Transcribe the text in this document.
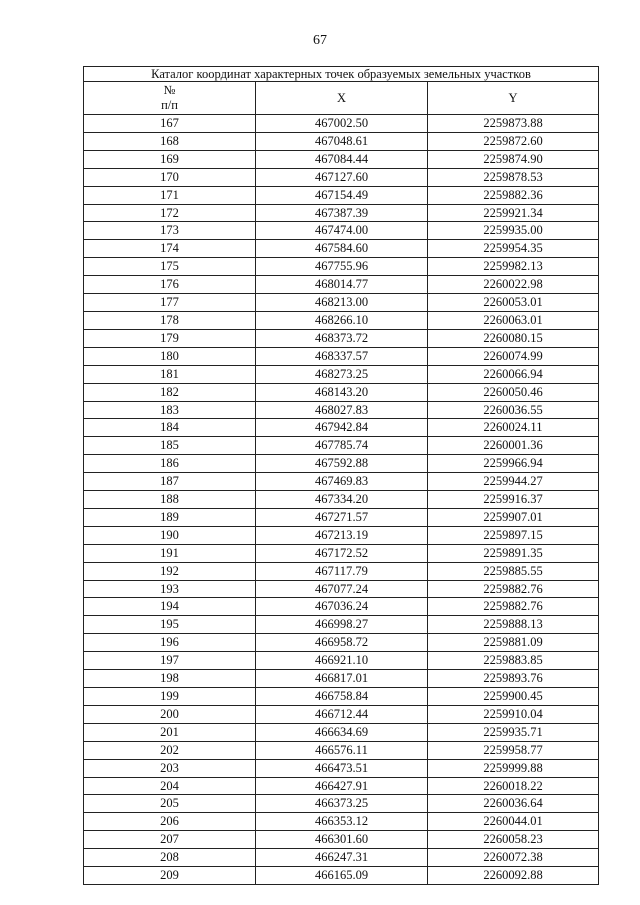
67
Каталог координат характерных точек образуемых земельных участков		
№
п/п	X	Y
167	467002.50	2259873.88
168	467048.61	2259872.60
169	467084.44	2259874.90
170	467127.60	2259878.53
171	467154.49	2259882.36
172	467387.39	2259921.34
173	467474.00	2259935.00
174	467584.60	2259954.35
175	467755.96	2259982.13
176	468014.77	2260022.98
177	468213.00	2260053.01
178	468266.10	2260063.01
179	468373.72	2260080.15
180	468337.57	2260074.99
181	468273.25	2260066.94
182	468143.20	2260050.46
183	468027.83	2260036.55
184	467942.84	2260024.11
185	467785.74	2260001.36
186	467592.88	2259966.94
187	467469.83	2259944.27
188	467334.20	2259916.37
189	467271.57	2259907.01
190	467213.19	2259897.15
191	467172.52	2259891.35
192	467117.79	2259885.55
193	467077.24	2259882.76
194	467036.24	2259882.76
195	466998.27	2259888.13
196	466958.72	2259881.09
197	466921.10	2259883.85
198	466817.01	2259893.76
199	466758.84	2259900.45
200	466712.44	2259910.04
201	466634.69	2259935.71
202	466576.11	2259958.77
203	466473.51	2259999.88
204	466427.91	2260018.22
205	466373.25	2260036.64
206	466353.12	2260044.01
207	466301.60	2260058.23
208	466247.31	2260072.38
209	466165.09	2260092.88
